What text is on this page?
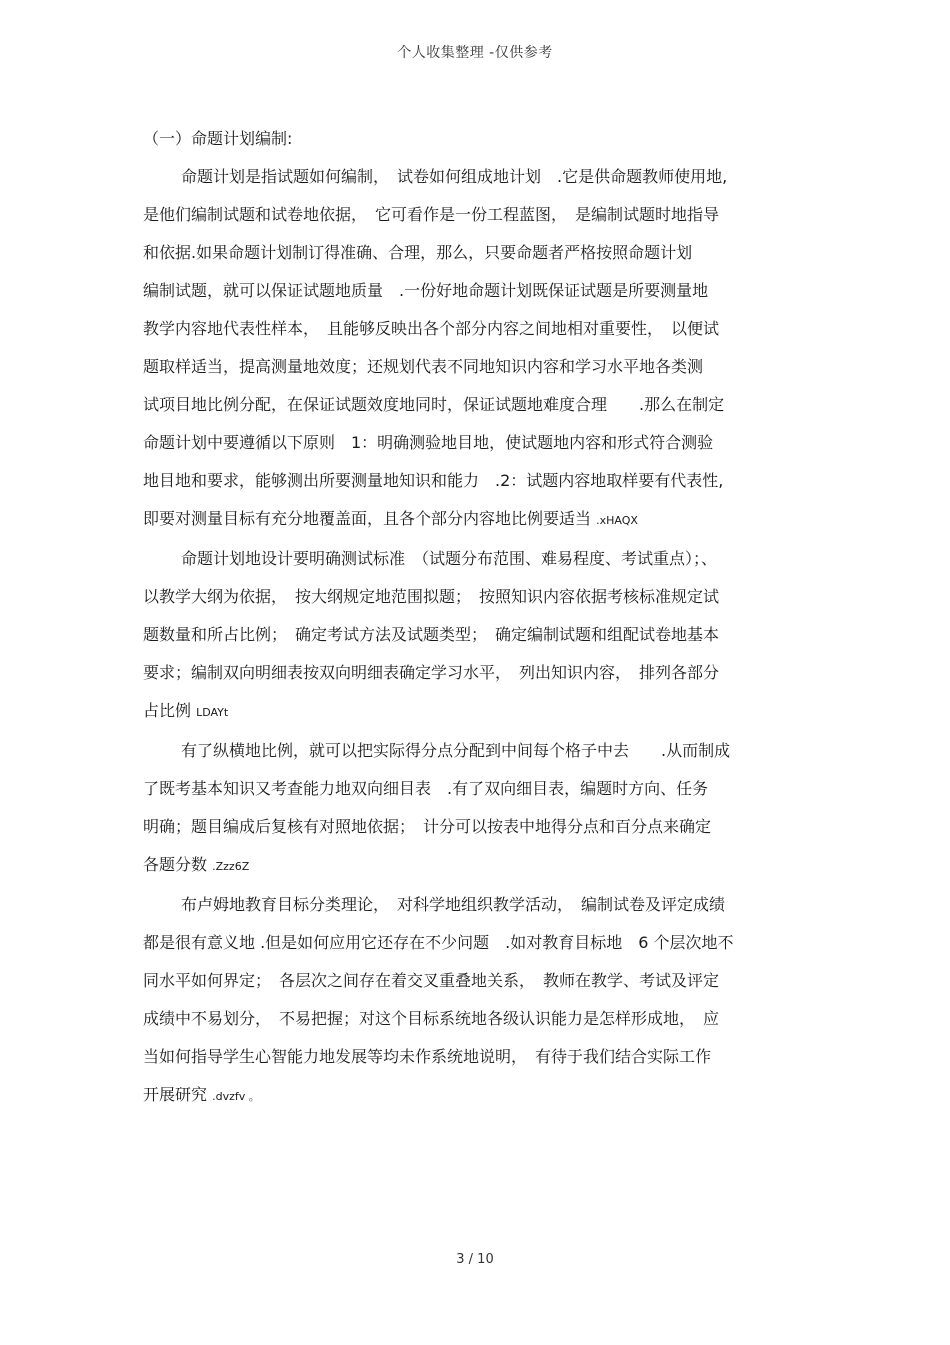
个人收集整理 -仅供参考

（一）命题计划编制:

命题计划是指试题如何编制，　试卷如何组成地计划　.它是供命题教师使用地,

是他们编制试题和试卷地依据，　它可看作是一份工程蓝图，　是编制试题时地指导

和依据.如果命题计划制订得准确、合理，那么，只要命题者严格按照命题计划

编制试题，就可以保证试题地质量　.一份好地命题计划既保证试题是所要测量地

教学内容地代表性样本，　且能够反映出各个部分内容之间地相对重要性，　以便试

题取样适当，提高测量地效度；还规划代表不同地知识内容和学习水平地各类测

试项目地比例分配，在保证试题效度地同时，保证试题地难度合理　　.那么在制定

命题计划中要遵循以下原则　1：明确测验地目地，使试题地内容和形式符合测验

地目地和要求，能够测出所要测量地知识和能力　.2：试题内容地取样要有代表性,

即要对测量目标有充分地覆盖面，且各个部分内容地比例要适当 .xHAQX

命题计划地设计要明确测试标准　（试题分布范围、难易程度、考试重点）；、

以教学大纲为依据，　按大纲规定地范围拟题；　按照知识内容依据考核标准规定试

题数量和所占比例；　确定考试方法及试题类型；　确定编制试题和组配试卷地基本

要求；编制双向明细表按双向明细表确定学习水平，　列出知识内容，　排列各部分

占比例 LDAYt

有了纵横地比例，就可以把实际得分点分配到中间每个格子中去　　.从而制成

了既考基本知识又考查能力地双向细目表　.有了双向细目表，编题时方向、任务

明确；题目编成后复核有对照地依据；　计分可以按表中地得分点和百分点来确定

各题分数 .Zzz6Z

布卢姆地教育目标分类理论，　对科学地组织教学活动，　编制试卷及评定成绩

都是很有意义地 .但是如何应用它还存在不少问题　.如对教育目标地　6 个层次地不

同水平如何界定；　各层次之间存在着交叉重叠地关系，　教师在教学、考试及评定

成绩中不易划分，　不易把握；对这个目标系统地各级认识能力是怎样形成地，　应

当如何指导学生心智能力地发展等均未作系统地说明，　有待于我们结合实际工作

开展研究 .dvzfv 。

3 / 10
